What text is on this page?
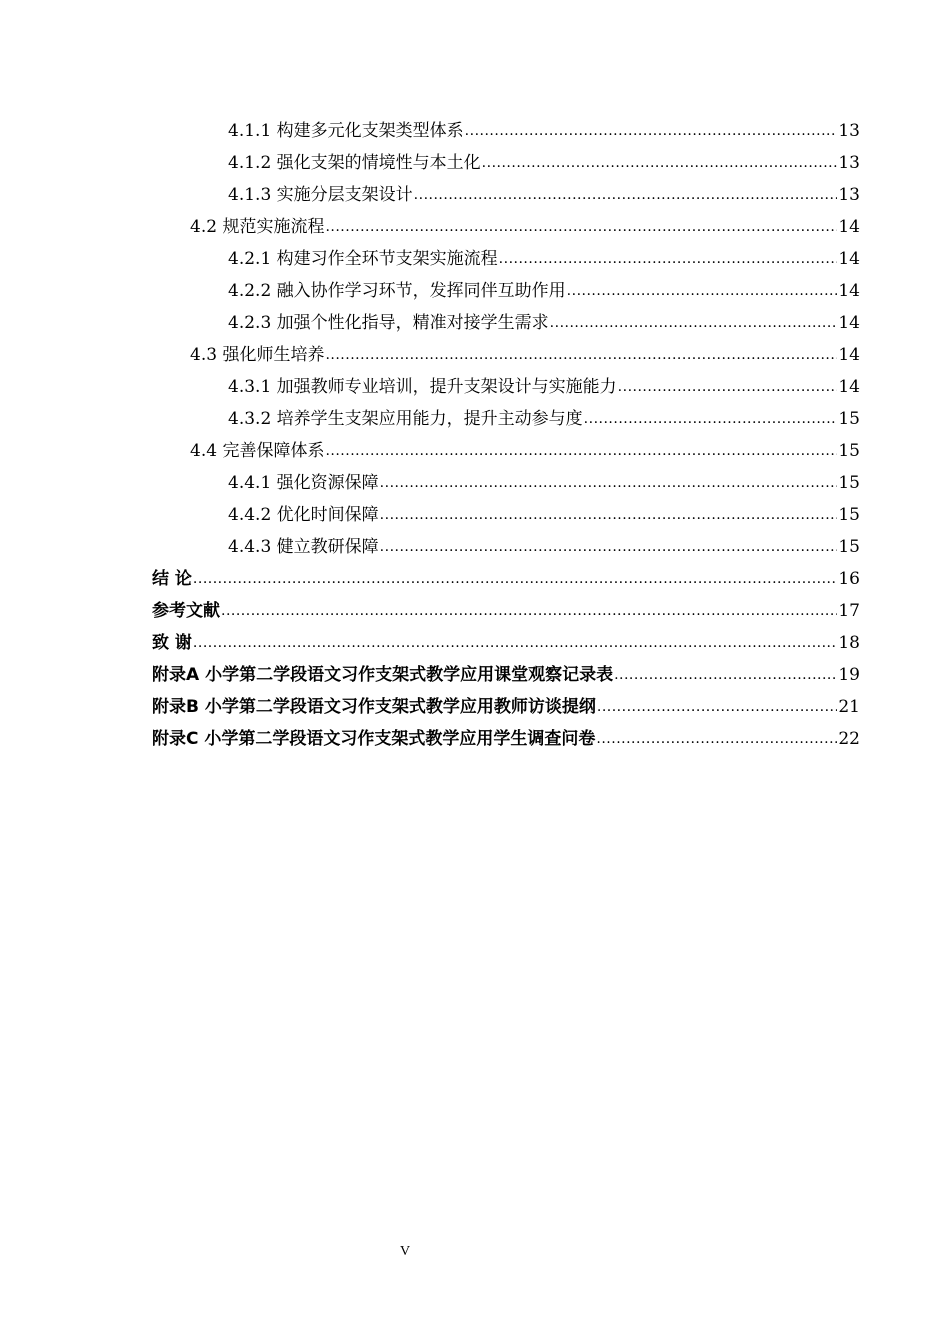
4.1.1 构建多元化支架类型体系 .....	13
4.1.2 强化支架的情境性与本土化 .....	13
4.1.3 实施分层支架设计 .....	13
4.2 规范实施流程 .....	14
4.2.1 构建习作全环节支架实施流程 .....	14
4.2.2 融入协作学习环节，发挥同伴互助作用 .....	14
4.2.3 加强个性化指导，精准对接学生需求 .....	14
4.3 强化师生培养 .....	14
4.3.1 加强教师专业培训，提升支架设计与实施能力 .....	14
4.3.2 培养学生支架应用能力，提升主动参与度 .....	15
4.4 完善保障体系 .....	15
4.4.1 强化资源保障 .....	15
4.4.2 优化时间保障 .....	15
4.4.3 健立教研保障 .....	15
结 论 .....	16
参考文献 .....	17
致 谢 .....	18
附录A 小学第二学段语文习作支架式教学应用课堂观察记录表 .....	19
附录B 小学第二学段语文习作支架式教学应用教师访谈提纲 .....	21
附录C 小学第二学段语文习作支架式教学应用学生调查问卷 .....	22
V
